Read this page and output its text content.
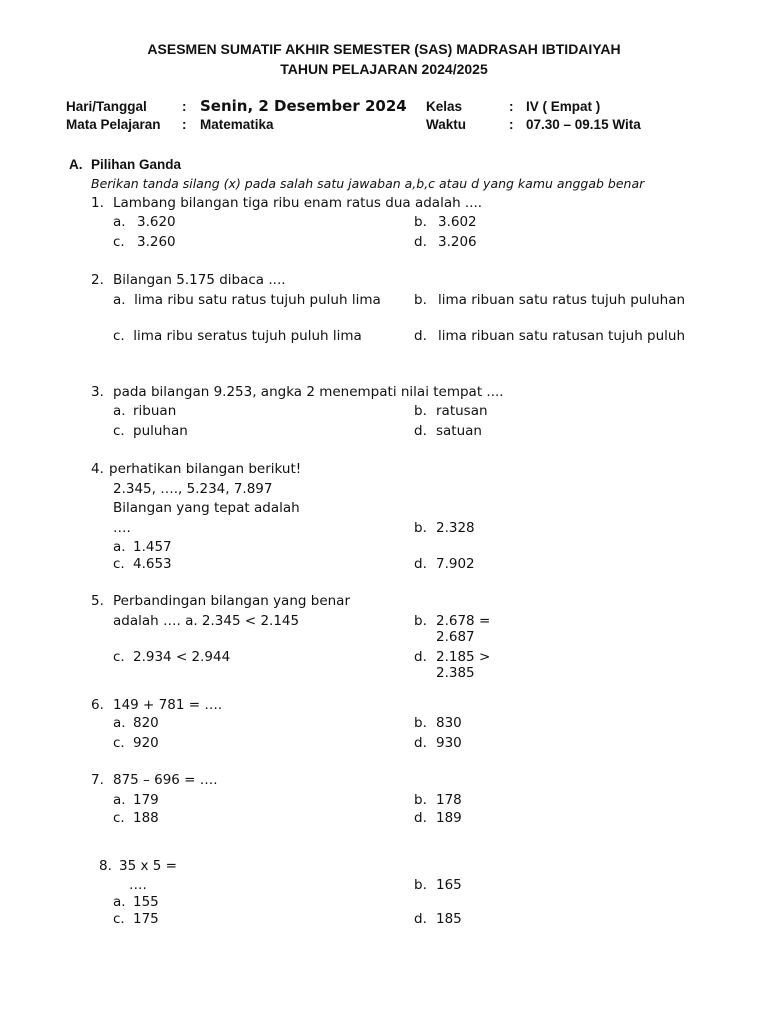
ASESMEN SUMATIF AKHIR SEMESTER (SAS) MADRASAH IBTIDAIYAH
TAHUN PELAJARAN 2024/2025
Hari/Tanggal	: Senin, 2 Desember 2024 Kelas	: IV ( Empat )
Mata Pelajaran : Matematika	Waktu	: 07.30 – 09.15 Wita
A. Pilihan Ganda
Berikan tanda silang (x) pada salah satu jawaban a,b,c atau d yang kamu anggab benar
1. Lambang bilangan tiga ribu enam ratus dua adalah ....
a. 3.620	b. 3.602
c. 3.260	d. 3.206
2. Bilangan 5.175 dibaca ....
a.  lima ribu satu ratus tujuh puluh lima	b. lima ribuan satu ratus tujuh puluhan
c.  lima ribu seratus tujuh puluh lima	d. lima ribuan satu ratusan tujuh puluh
3. pada bilangan 9.253, angka 2 menempati nilai tempat ....
a. ribuan	b. ratusan
c. puluhan	d. satuan
4. perhatikan bilangan berikut!
2.345, …., 5.234, 7.897
Bilangan yang tepat adalah
….	b. 2.328
a. 1.457
c. 4.653	d. 7.902
5. Perbandingan bilangan yang benar
adalah …. a. 2.345 < 2.145	b. 2.678 = 2.687
c. 2.934 < 2.944	d. 2.185 > 2.385
6. 149 + 781 = ….
a. 820	b. 830
c. 920	d. 930
7. 875 – 696 = ….
a. 179	b. 178
c. 188	d. 189
8. 35 x 5 =
….	b. 165
a. 155
c. 175	d. 185
